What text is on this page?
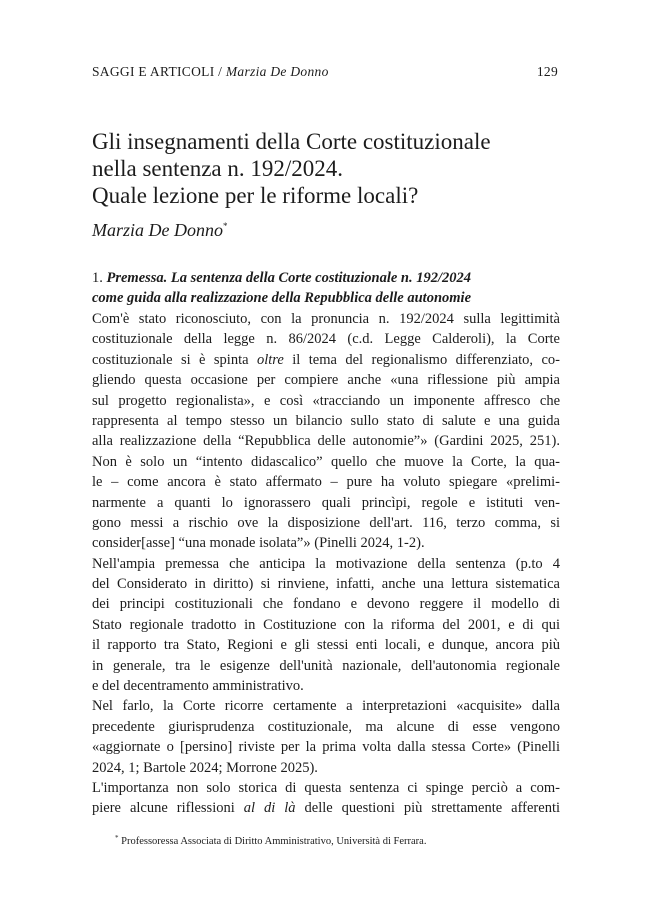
SAGGI E ARTICOLI / Marzia De Donno	129
Gli insegnamenti della Corte costituzionale
nella sentenza n. 192/2024.
Quale lezione per le riforme locali?
Marzia De Donno*
1. Premessa. La sentenza della Corte costituzionale n. 192/2024
come guida alla realizzazione della Repubblica delle autonomie
Com'è stato riconosciuto, con la pronuncia n. 192/2024 sulla legittimità
costituzionale della legge n. 86/2024 (c.d. Legge Calderoli), la Corte
costituzionale si è spinta oltre il tema del regionalismo differenziato, co-
gliendo questa occasione per compiere anche «una riflessione più ampia
sul progetto regionalista», e così «tracciando un imponente affresco che
rappresenta al tempo stesso un bilancio sullo stato di salute e una guida
alla realizzazione della “Repubblica delle autonomie”» (Gardini 2025, 251).
Non è solo un “intento didascalico” quello che muove la Corte, la qua-
le – come ancora è stato affermato – pure ha voluto spiegare «prelimi-
narmente a quanti lo ignorassero quali princìpi, regole e istituti ven-
gono messi a rischio ove la disposizione dell'art. 116, terzo comma, si
consider[asse] “una monade isolata”» (Pinelli 2024, 1-2).
Nell'ampia premessa che anticipa la motivazione della sentenza (p.to 4
del Considerato in diritto) si rinviene, infatti, anche una lettura sistematica
dei principi costituzionali che fondano e devono reggere il modello di
Stato regionale tradotto in Costituzione con la riforma del 2001, e di qui
il rapporto tra Stato, Regioni e gli stessi enti locali, e dunque, ancora più
in generale, tra le esigenze dell'unità nazionale, dell'autonomia regionale
e del decentramento amministrativo.
Nel farlo, la Corte ricorre certamente a interpretazioni «acquisite» dalla
precedente giurisprudenza costituzionale, ma alcune di esse vengono
«aggiornate o [persino] riviste per la prima volta dalla stessa Corte» (Pinelli
2024, 1; Bartole 2024; Morrone 2025).
L'importanza non solo storica di questa sentenza ci spinge perciò a com-
piere alcune riflessioni al di là delle questioni più strettamente afferenti
* Professoressa Associata di Diritto Amministrativo, Università di Ferrara.
